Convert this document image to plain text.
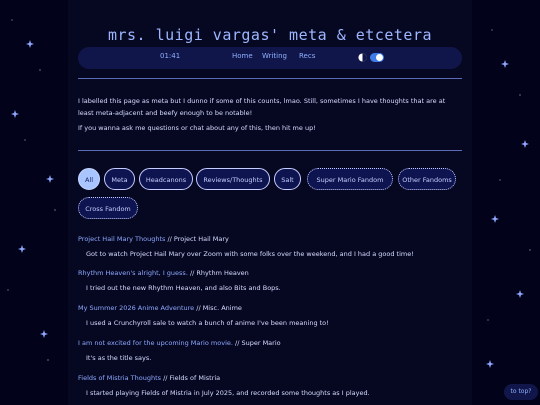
mrs. luigi vargas' meta & etcetera
01:41	Home Writing Recs

I labelled this page as meta but I dunno if some of this counts, lmao. Still, sometimes I have thoughts that are at least meta-adjacent and beefy enough to be notable!

If you wanna ask me questions or chat about any of this, then hit me up!

All	Meta	Headcanons	Reviews/Thoughts	Salt	Super Mario Fandom	Other Fandoms
Cross Fandom
Project Hail Mary Thoughts // Project Hail Mary
Got to watch Project Hail Mary over Zoom with some folks over the weekend, and I had a good time!
Rhythm Heaven's alright, I guess. // Rhythm Heaven
I tried out the new Rhythm Heaven, and also Bits and Bops.
My Summer 2026 Anime Adventure // Misc. Anime
I used a Crunchyroll sale to watch a bunch of anime I've been meaning to!
I am not excited for the upcoming Mario movie. // Super Mario
It's as the title says.
Fields of Mistria Thoughts // Fields of Mistria
I started playing Fields of Mistria in July 2025, and recorded some thoughts as I played.	to top?
